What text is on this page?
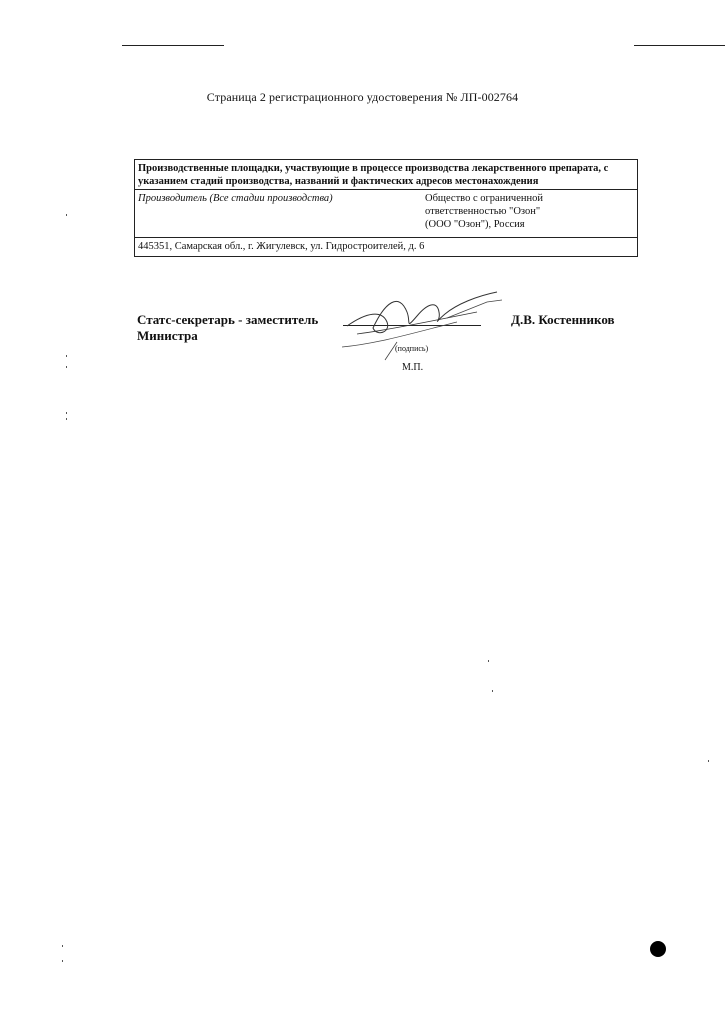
Страница 2 регистрационного удостоверения № ЛП-002764
Производственные площадки, участвующие в процессе производства лекарственного препарата, с указанием стадий производства, названий и фактических адресов местонахождения
Производитель (Все стадии производства)	Общество с ограниченной
ответственностью "Озон"
(ООО "Озон"), Россия
445351, Самарская обл., г. Жигулевск, ул. Гидростроителей, д. 6
Статс-секретарь - заместитель
Министра
Д.В. Костенников
(подпись)
М.П.
